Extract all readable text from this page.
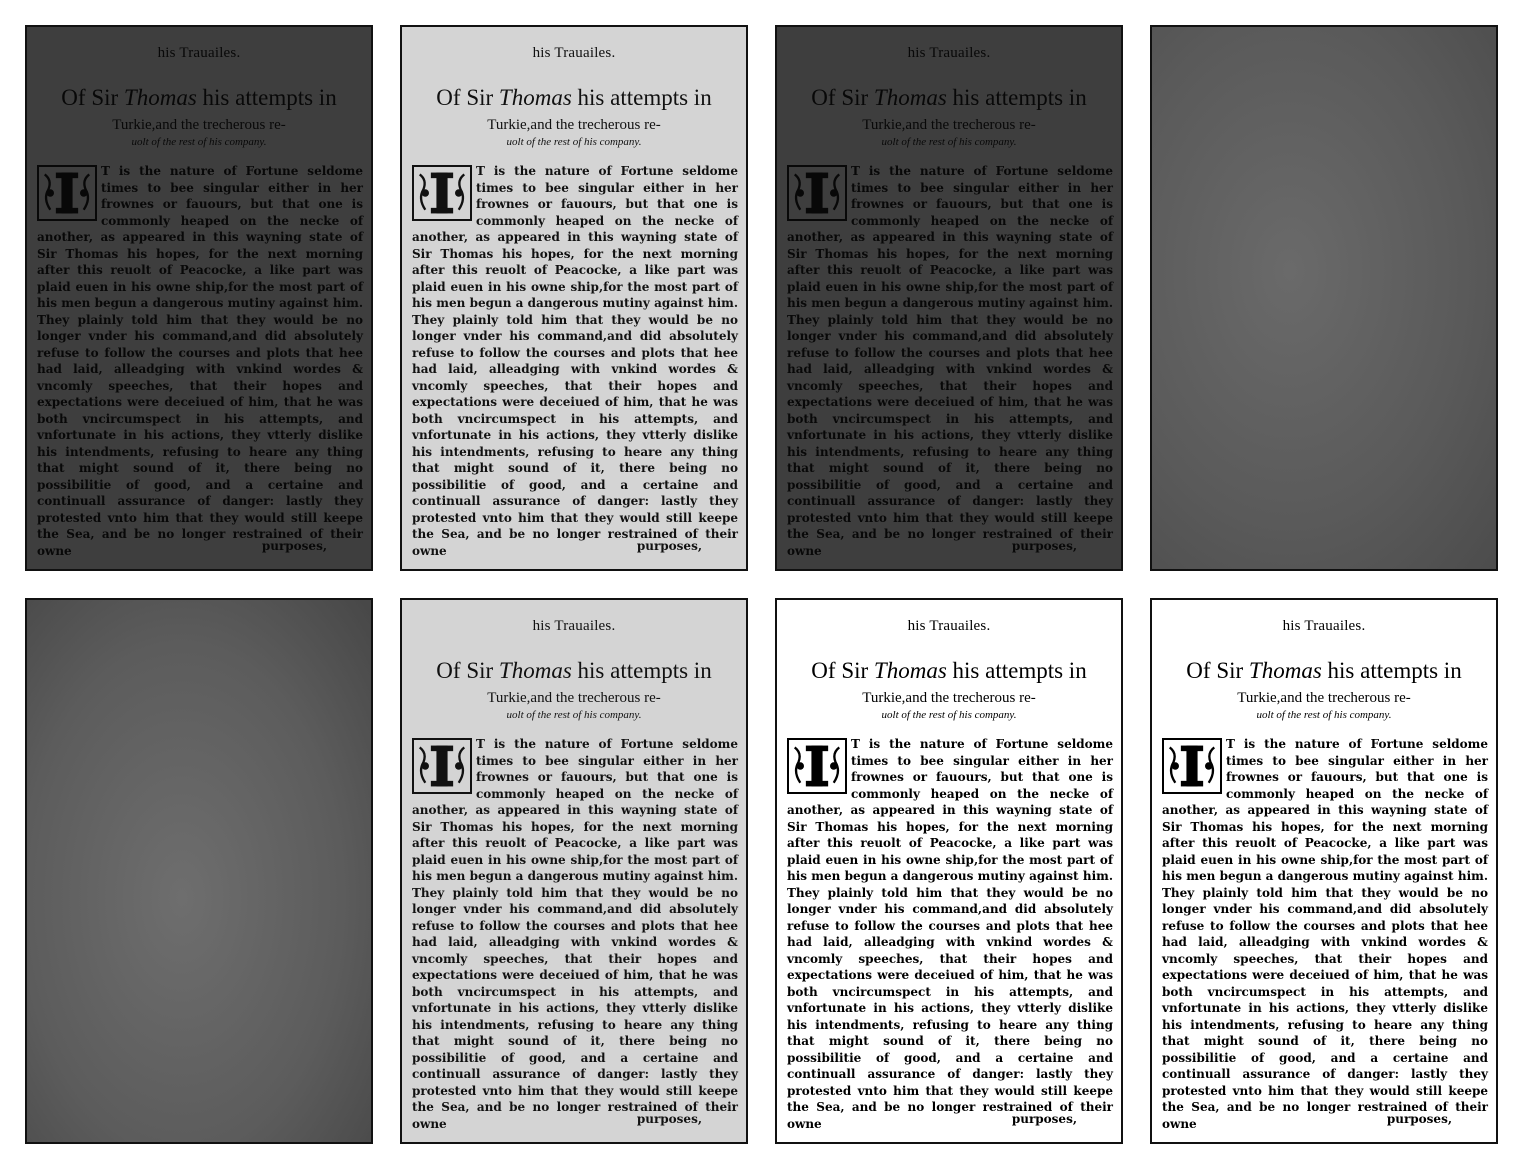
his Trauailes.
Of Sir Thomas his attempts in
Turkie,and the trecherous re-
uolt of the rest of his company.

T is the nature of Fortune seldome times to bee singular either in her frownes or fauours, but that one is commonly heaped on the necke of another, as appeared in this wayning state of Sir Thomas his hopes, for the next morning after this reuolt of Peacocke, a like part was plaid euen in his owne ship,for the most part of his men begun a dangerous mutiny against him. They plainly told him that they would be no longer vnder his command,and did absolutely refuse to follow the courses and plots that hee had laid, alleadging with vnkind wordes & vncomly speeches, that their hopes and expectations were deceiued of him, that he was both vncircumspect in his attempts, and vnfortunate in his actions, they vtterly dislike his intendments, refusing to heare any thing that might sound of it, there being no possibilitie of good, and a certaine and continuall assurance of danger: lastly they protested vnto him that they would still keepe the Sea, and be no longer restrained of their owne	purposes,
his Trauailes.
Of Sir Thomas his attempts in
Turkie,and the trecherous re-
uolt of the rest of his company.

T is the nature of Fortune seldome times to bee singular either in her frownes or fauours, but that one is commonly heaped on the necke of another, as appeared in this wayning state of Sir Thomas his hopes, for the next morning after this reuolt of Peacocke, a like part was plaid euen in his owne ship,for the most part of his men begun a dangerous mutiny against him. They plainly told him that they would be no longer vnder his command,and did absolutely refuse to follow the courses and plots that hee had laid, alleadging with vnkind wordes & vncomly speeches, that their hopes and expectations were deceiued of him, that he was both vncircumspect in his attempts, and vnfortunate in his actions, they vtterly dislike his intendments, refusing to heare any thing that might sound of it, there being no possibilitie of good, and a certaine and continuall assurance of danger: lastly they protested vnto him that they would still keepe the Sea, and be no longer restrained of their owne	purposes,
his Trauailes.
Of Sir Thomas his attempts in
Turkie,and the trecherous re-
uolt of the rest of his company.

T is the nature of Fortune seldome times to bee singular either in her frownes or fauours, but that one is commonly heaped on the necke of another, as appeared in this wayning state of Sir Thomas his hopes, for the next morning after this reuolt of Peacocke, a like part was plaid euen in his owne ship,for the most part of his men begun a dangerous mutiny against him. They plainly told him that they would be no longer vnder his command,and did absolutely refuse to follow the courses and plots that hee had laid, alleadging with vnkind wordes & vncomly speeches, that their hopes and expectations were deceiued of him, that he was both vncircumspect in his attempts, and vnfortunate in his actions, they vtterly dislike his intendments, refusing to heare any thing that might sound of it, there being no possibilitie of good, and a certaine and continuall assurance of danger: lastly they protested vnto him that they would still keepe the Sea, and be no longer restrained of their owne	purposes,
his Trauailes.
Of Sir Thomas his attempts in
Turkie,and the trecherous re-
uolt of the rest of his company.

T is the nature of Fortune seldome times to bee singular either in her frownes or fauours, but that one is commonly heaped on the necke of another, as appeared in this wayning state of Sir Thomas his hopes, for the next morning after this reuolt of Peacocke, a like part was plaid euen in his owne ship,for the most part of his men begun a dangerous mutiny against him. They plainly told him that they would be no longer vnder his command,and did absolutely refuse to follow the courses and plots that hee had laid, alleadging with vnkind wordes & vncomly speeches, that their hopes and expectations were deceiued of him, that he was both vncircumspect in his attempts, and vnfortunate in his actions, they vtterly dislike his intendments, refusing to heare any thing that might sound of it, there being no possibilitie of good, and a certaine and continuall assurance of danger: lastly they protested vnto him that they would still keepe the Sea, and be no longer restrained of their owne	purposes,
his Trauailes.
Of Sir Thomas his attempts in
Turkie,and the trecherous re-
uolt of the rest of his company.

T is the nature of Fortune seldome times to bee singular either in her frownes or fauours, but that one is commonly heaped on the necke of another, as appeared in this wayning state of Sir Thomas his hopes, for the next morning after this reuolt of Peacocke, a like part was plaid euen in his owne ship,for the most part of his men begun a dangerous mutiny against him. They plainly told him that they would be no longer vnder his command,and did absolutely refuse to follow the courses and plots that hee had laid, alleadging with vnkind wordes & vncomly speeches, that their hopes and expectations were deceiued of him, that he was both vncircumspect in his attempts, and vnfortunate in his actions, they vtterly dislike his intendments, refusing to heare any thing that might sound of it, there being no possibilitie of good, and a certaine and continuall assurance of danger: lastly they protested vnto him that they would still keepe the Sea, and be no longer restrained of their owne	purposes,
his Trauailes.
Of Sir Thomas his attempts in
Turkie,and the trecherous re-
uolt of the rest of his company.

T is the nature of Fortune seldome times to bee singular either in her frownes or fauours, but that one is commonly heaped on the necke of another, as appeared in this wayning state of Sir Thomas his hopes, for the next morning after this reuolt of Peacocke, a like part was plaid euen in his owne ship,for the most part of his men begun a dangerous mutiny against him. They plainly told him that they would be no longer vnder his command,and did absolutely refuse to follow the courses and plots that hee had laid, alleadging with vnkind wordes & vncomly speeches, that their hopes and expectations were deceiued of him, that he was both vncircumspect in his attempts, and vnfortunate in his actions, they vtterly dislike his intendments, refusing to heare any thing that might sound of it, there being no possibilitie of good, and a certaine and continuall assurance of danger: lastly they protested vnto him that they would still keepe the Sea, and be no longer restrained of their owne	purposes,
